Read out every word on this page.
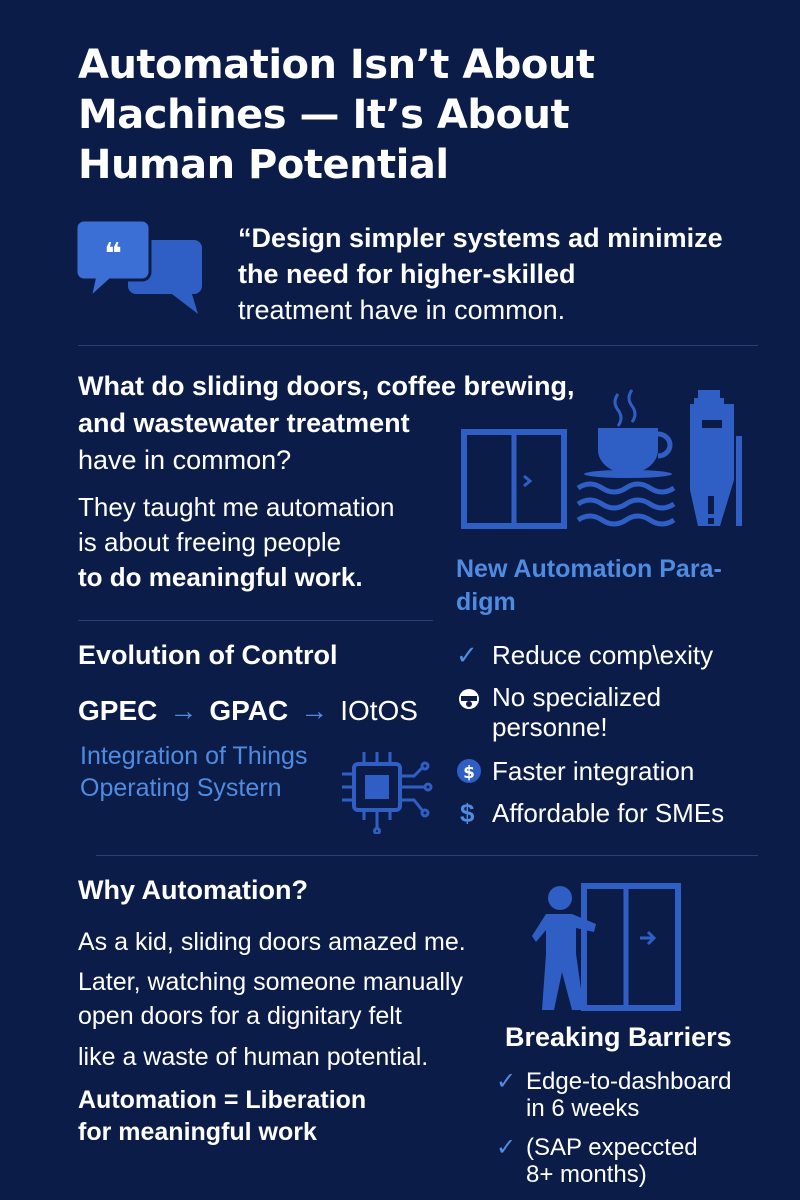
Automation Isn’t About
Machines — It’s About
Human Potential
❝	“Design simpler systems ad minimize
the need for higher-skilled
treatment have in common.
What do sliding doors, coffee brewing,
and wastewater treatment
have in common?
They taught me automation
is about freeing people
to do meaningful work.
Evolution of Control
GPEC → GPAC → IOtOS
Integration of Things
Operating Systern
New Automation Para-
digm
✓ Reduce comp\exity
No specialized
personne!
$ Faster integration
$ Affordable for SMEs
Why Automation?
As a kid, sliding doors amazed me.
Later, watching someone manually
open doors for a dignitary felt
like a waste of human potential.
Automation = Liberation
for meaningful work
Breaking Barriers
✓ Edge-to-dashboard
in 6 weeks
✓ (SAP expeccted
8+ months)
